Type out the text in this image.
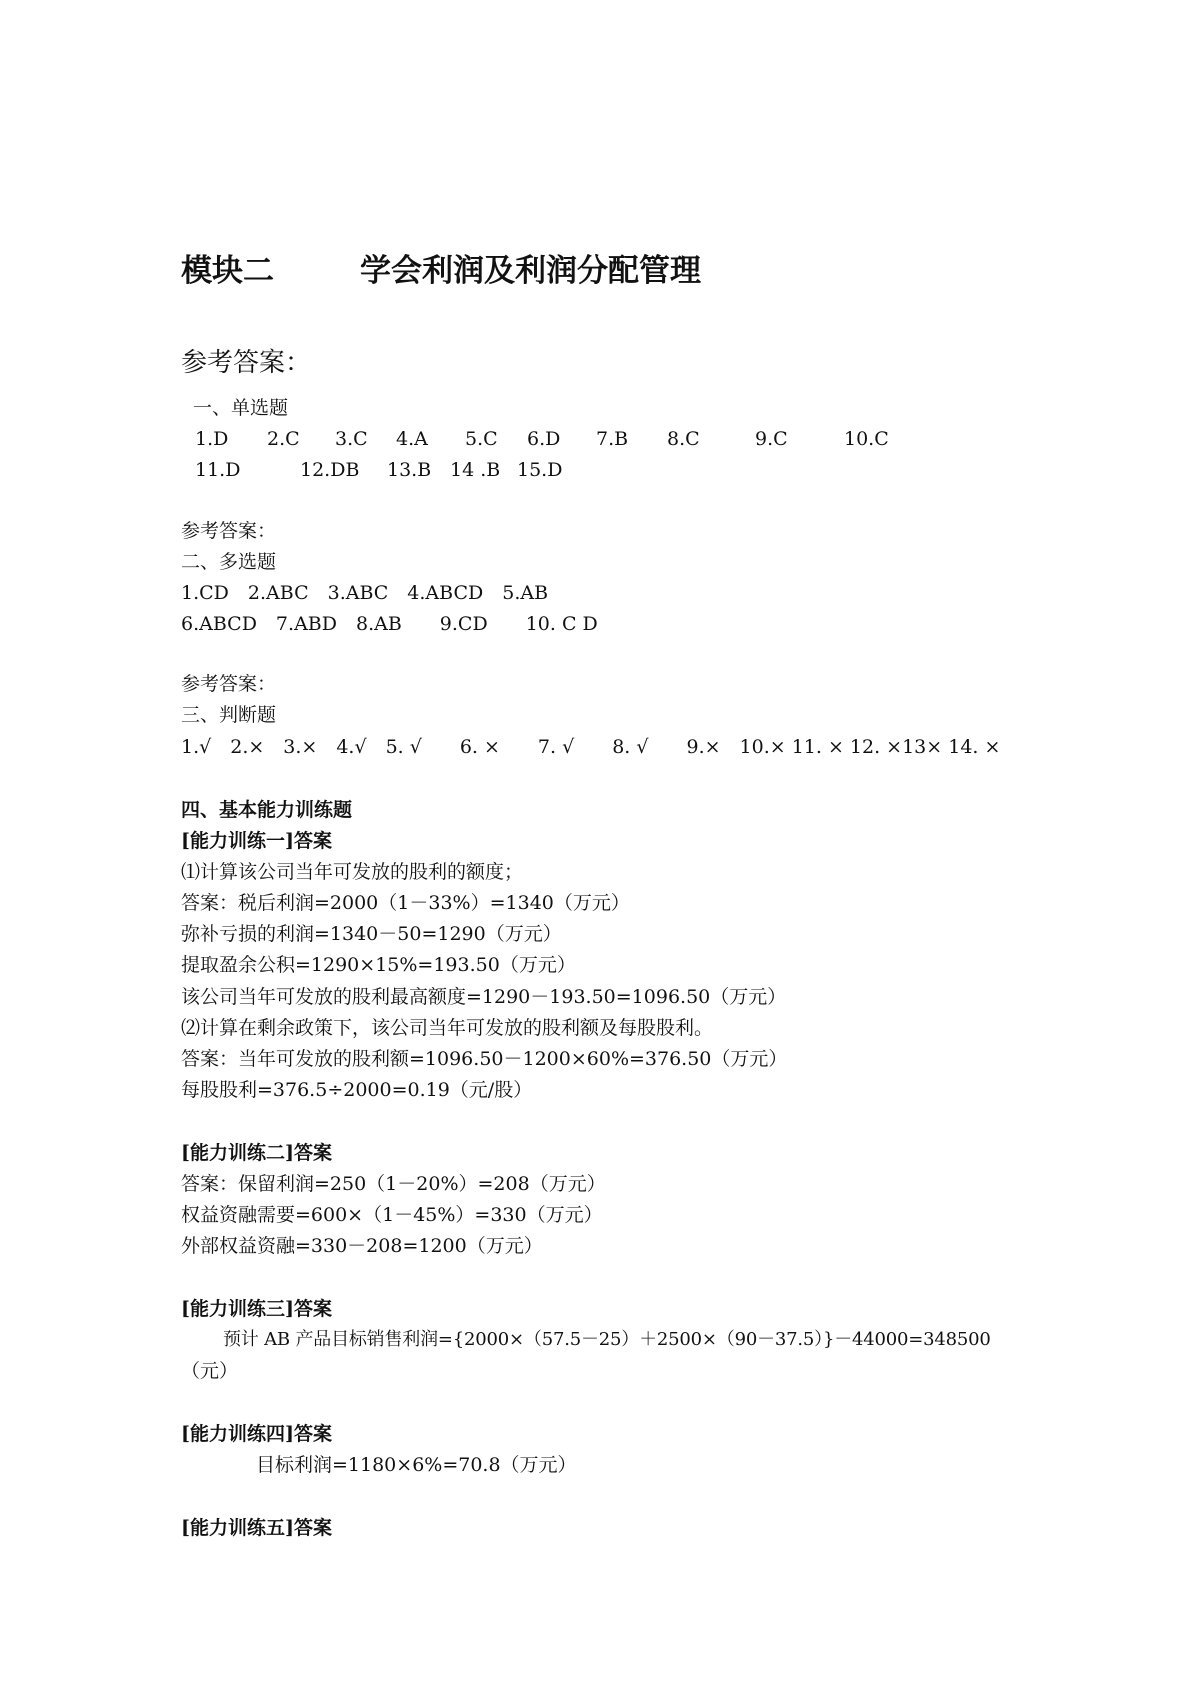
模块二	学会利润及利润分配管理
参考答案：
一、单选题
1.D 2.C 3.C 4.A 5.C 6.D 7.B 8.C	9.C	10.C
11.D	12.DB 13.B 14 .B 15.D
参考答案：
二、多选题
1.CD　2.ABC　3.ABC　4.ABCD　5.AB
6.ABCD　7.ABD　8.AB　　9.CD　　10. C D
参考答案：
三、判断题
1.√　2.×　3.×　4.√　5. √　　6. ×　　7. √　　8. √　　9.×　10.× 11. × 12. ×13× 14. ×
四、基本能力训练题
[能力训练一]答案
⑴计算该公司当年可发放的股利的额度；
答案：税后利润=2000（1－33%）=1340（万元）
弥补亏损的利润=1340－50=1290（万元）
提取盈余公积=1290×15%=193.50（万元）
该公司当年可发放的股利最高额度=1290－193.50=1096.50（万元）
⑵计算在剩余政策下，该公司当年可发放的股利额及每股股利。
答案：当年可发放的股利额=1096.50－1200×60%=376.50（万元）
每股股利=376.5÷2000=0.19（元/股）
[能力训练二]答案
答案：保留利润=250（1－20%）=208（万元）
权益资融需要=600×（1－45%）=330（万元）
外部权益资融=330－208=1200（万元）
[能力训练三]答案
预计 AB 产品目标销售利润={2000×（57.5－25）＋2500×（90－37.5）}－44000=348500
（元）
[能力训练四]答案
目标利润=1180×6%=70.8（万元）
[能力训练五]答案
